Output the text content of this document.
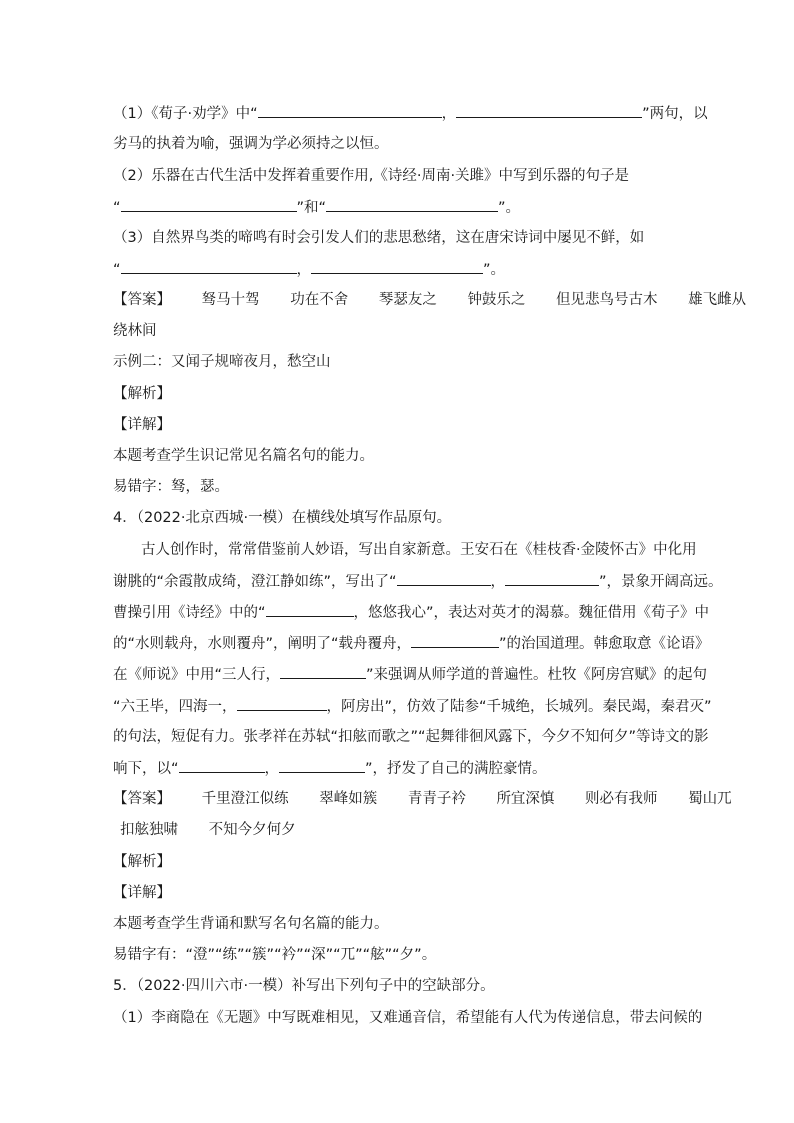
（1）《荀子·劝学》中“	，	”两句，以
劣马的执着为喻，强调为学必须持之以恒。
（2）乐器在古代生活中发挥着重要作用,《诗经·周南·关雎》中写到乐器的句子是
“	”和“	”。
（3）自然界鸟类的啼鸣有时会引发人们的悲思愁绪，这在唐宋诗词中屡见不鲜，如
“	，	”。
【答案】 驽马十驾 功在不舍 琴瑟友之 钟鼓乐之 但见悲鸟号古木 雄飞雌从
绕林间
示例二：又闻子规啼夜月，愁空山
【解析】
【详解】
本题考查学生识记常见名篇名句的能力。
易错字：驽，瑟。
4．（2022·北京西城·一模）在横线处填写作品原句。
古人创作时，常常借鉴前人妙语，写出自家新意。王安石在《桂枝香·金陵怀古》中化用
谢朓的“余霞散成绮，澄江静如练”，写出了“	，	”，景象开阔高远。
曹操引用《诗经》中的“	，悠悠我心”，表达对英才的渴慕。魏征借用《荀子》中
的“水则载舟，水则覆舟”，阐明了“载舟覆舟，	”的治国道理。韩愈取意《论语》
在《师说》中用“三人行，	”来强调从师学道的普遍性。杜牧《阿房宫赋》的起句
“六王毕，四海一，	，阿房出”，仿效了陆参“千城绝，长城列。秦民竭，秦君灭”
的句法，短促有力。张孝祥在苏轼“扣舷而歌之”“起舞徘徊风露下，今夕不知何夕”等诗文的影
响下，以“	，	”，抒发了自己的满腔豪情。
【答案】 千里澄江似练 翠峰如簇 青青子衿 所宜深慎 则必有我师 蜀山兀
扣舷独啸 不知今夕何夕
【解析】
【详解】
本题考查学生背诵和默写名句名篇的能力。
易错字有：“澄”“练”“簇”“衿”“深”“兀”“舷”“夕”。
5．（2022·四川六市·一模）补写出下列句子中的空缺部分。
（1）李商隐在《无题》中写既难相见，又难通音信，希望能有人代为传递信息，带去问候的
